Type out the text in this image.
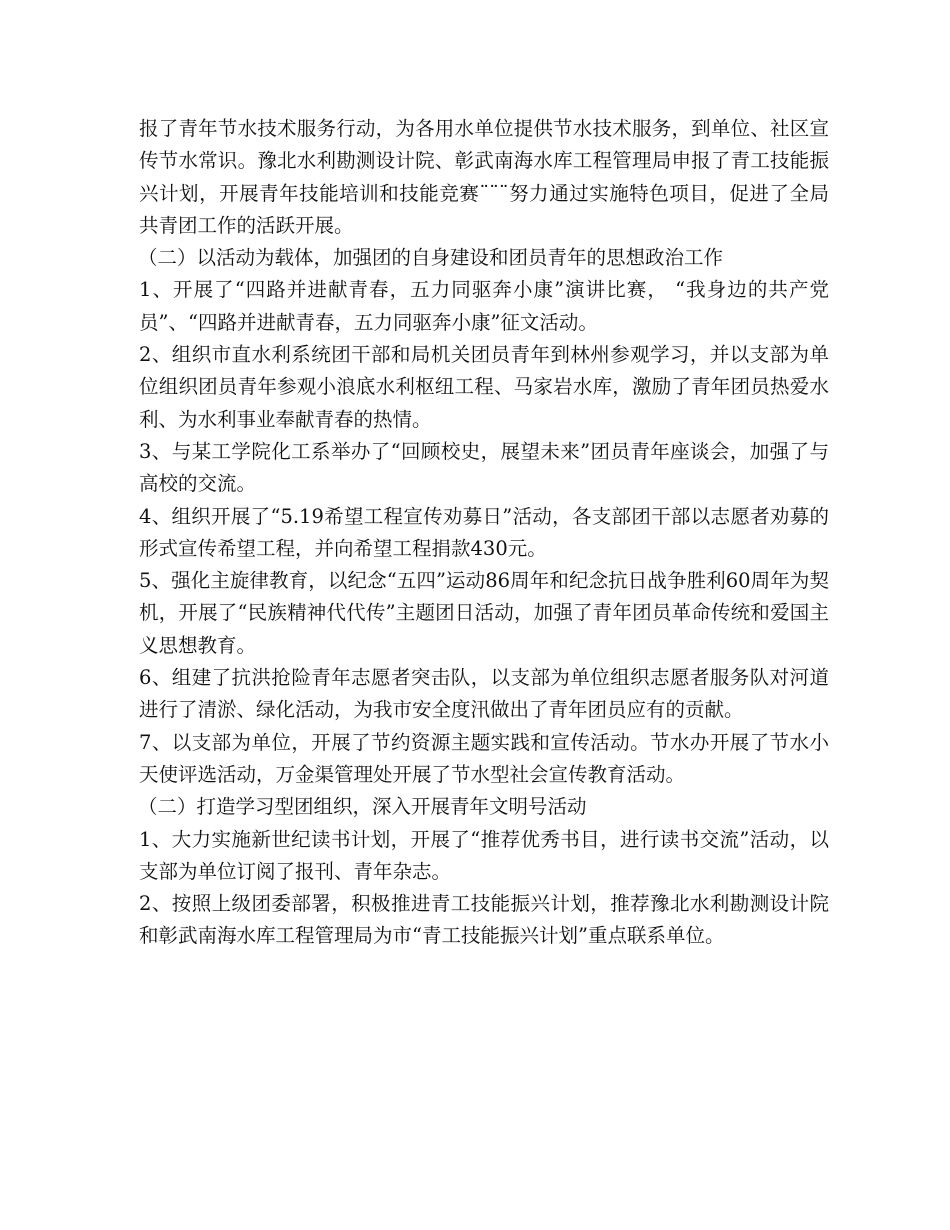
报了青年节水技术服务行动，为各用水单位提供节水技术服务，到单位、社区宣传节水常识。豫北水利勘测设计院、彰武南海水库工程管理局申报了青工技能振兴计划，开展青年技能培训和技能竞赛¨¨¨努力通过实施特色项目，促进了全局共青团工作的活跃开展。

（二）以活动为载体，加强团的自身建设和团员青年的思想政治工作

1、开展了“四路并进献青春，五力同驱奔小康”演讲比赛， “我身边的共产党员”、“四路并进献青春，五力同驱奔小康”征文活动。

2、组织市直水利系统团干部和局机关团员青年到林州参观学习，并以支部为单位组织团员青年参观小浪底水利枢纽工程、马家岩水库，激励了青年团员热爱水利、为水利事业奉献青春的热情。

3、与某工学院化工系举办了“回顾校史，展望未来”团员青年座谈会，加强了与高校的交流。

4、组织开展了“5.19希望工程宣传劝募日”活动，各支部团干部以志愿者劝募的形式宣传希望工程，并向希望工程捐款430元。

5、强化主旋律教育，以纪念“五四”运动86周年和纪念抗日战争胜利60周年为契机，开展了“民族精神代代传”主题团日活动，加强了青年团员革命传统和爱国主义思想教育。

6、组建了抗洪抢险青年志愿者突击队，以支部为单位组织志愿者服务队对河道进行了清淤、绿化活动，为我市安全度汛做出了青年团员应有的贡献。

7、以支部为单位，开展了节约资源主题实践和宣传活动。节水办开展了节水小天使评选活动，万金渠管理处开展了节水型社会宣传教育活动。

（二）打造学习型团组织，深入开展青年文明号活动

1、大力实施新世纪读书计划，开展了“推荐优秀书目，进行读书交流”活动，以支部为单位订阅了报刊、青年杂志。

2、按照上级团委部署，积极推进青工技能振兴计划，推荐豫北水利勘测设计院和彰武南海水库工程管理局为市“青工技能振兴计划”重点联系单位。
